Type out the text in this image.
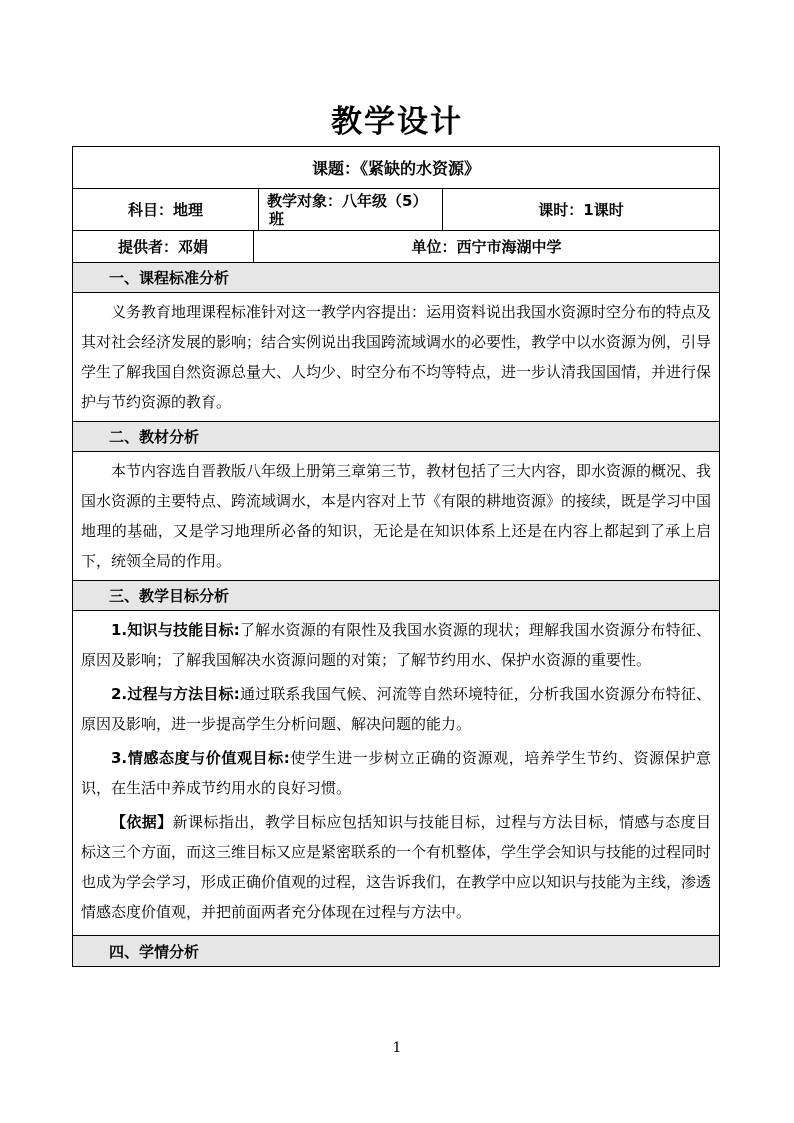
教学设计
课题：《紧缺的水资源》
科目：地理
教学对象：八年级（5）
班	课时：1课时
提供者：邓娟	单位：西宁市海湖中学
一、课程标准分析

义务教育地理课程标准针对这一教学内容提出：运用资料说出我国水资源时空分布的特点及其对社会经济发展的影响；结合实例说出我国跨流域调水的必要性，教学中以水资源为例，引导学生了解我国自然资源总量大、人均少、时空分布不均等特点，进一步认清我国国情，并进行保护与节约资源的教育。

二、教材分析

本节内容选自晋教版八年级上册第三章第三节，教材包括了三大内容，即水资源的概况、我国水资源的主要特点、跨流域调水，本是内容对上节《有限的耕地资源》的接续，既是学习中国地理的基础，又是学习地理所必备的知识，无论是在知识体系上还是在内容上都起到了承上启下，统领全局的作用。

三、教学目标分析

1.知识与技能目标:了解水资源的有限性及我国水资源的现状；理解我国水资源分布特征、原因及影响；了解我国解决水资源问题的对策；了解节约用水、保护水资源的重要性。

2.过程与方法目标:通过联系我国气候、河流等自然环境特征，分析我国水资源分布特征、原因及影响，进一步提高学生分析问题、解决问题的能力。

3.情感态度与价值观目标:使学生进一步树立正确的资源观，培养学生节约、资源保护意识，在生活中养成节约用水的良好习惯。

【依据】新课标指出，教学目标应包括知识与技能目标，过程与方法目标，情感与态度目标这三个方面，而这三维目标又应是紧密联系的一个有机整体，学生学会知识与技能的过程同时也成为学会学习，形成正确价值观的过程，这告诉我们，在教学中应以知识与技能为主线，渗透情感态度价值观，并把前面两者充分体现在过程与方法中。

四、学情分析
1
